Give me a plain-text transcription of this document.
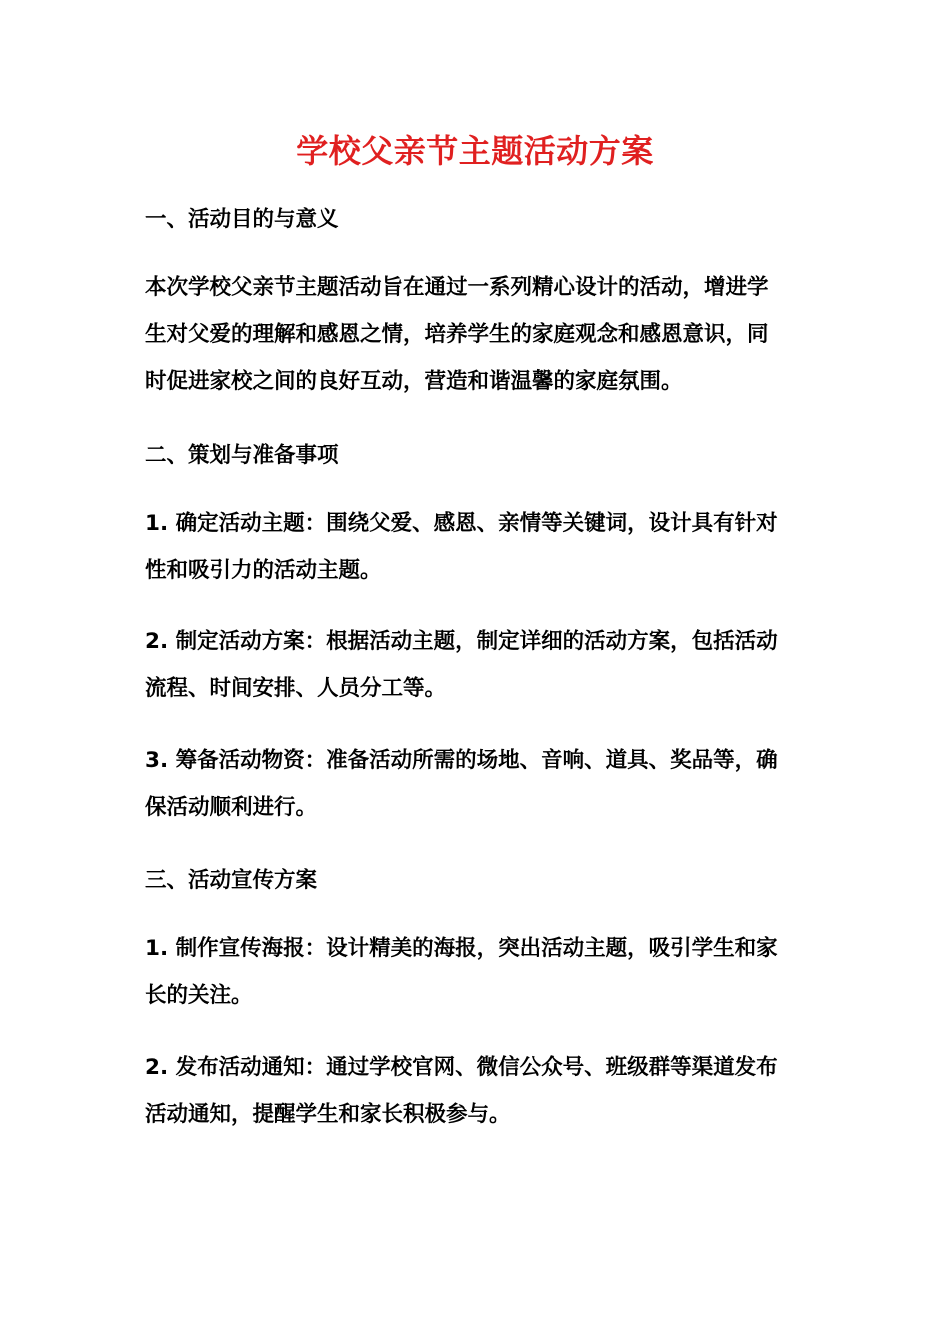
学校父亲节主题活动方案
一、活动目的与意义
本次学校父亲节主题活动旨在通过一系列精心设计的活动，增进学
生对父爱的理解和感恩之情，培养学生的家庭观念和感恩意识，同
时促进家校之间的良好互动，营造和谐温馨的家庭氛围。
二、策划与准备事项
1. 确定活动主题：围绕父爱、感恩、亲情等关键词，设计具有针对
性和吸引力的活动主题。
2. 制定活动方案：根据活动主题，制定详细的活动方案，包括活动
流程、时间安排、人员分工等。
3. 筹备活动物资：准备活动所需的场地、音响、道具、奖品等，确
保活动顺利进行。
三、活动宣传方案
1. 制作宣传海报：设计精美的海报，突出活动主题，吸引学生和家
长的关注。
2. 发布活动通知：通过学校官网、微信公众号、班级群等渠道发布
活动通知，提醒学生和家长积极参与。
